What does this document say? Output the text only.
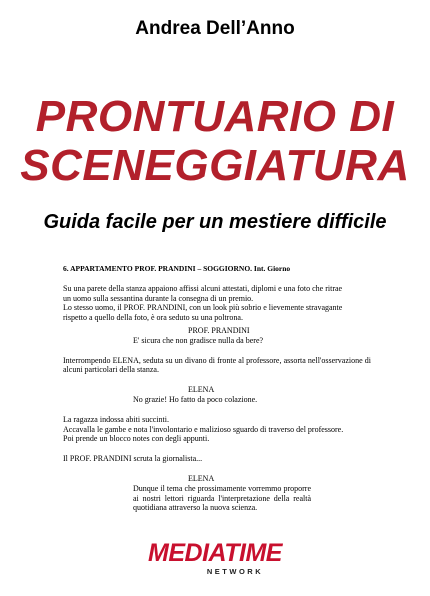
Andrea Dell’Anno
PRONTUARIO DI
SCENEGGIATURA
Guida facile per un mestiere difficile

6. APPARTAMENTO PROF. PRANDINI – SOGGIORNO. Int. Giorno

Su una parete della stanza appaiono affissi alcuni attestati, diplomi e una foto che ritrae

un uomo sulla sessantina durante la consegna di un premio.

Lo stesso uomo, il PROF. PRANDINI, con un look più sobrio e lievemente stravagante

rispetto a quello della foto, è ora seduto su una poltrona.

PROF. PRANDINI

E' sicura che non gradisce nulla da bere?

Interrompendo ELENA, seduta su un divano di fronte al professore, assorta nell'osservazione di alcuni particolari della stanza.

ELENA

No grazie! Ho fatto da poco colazione.

La ragazza indossa abiti succinti.

Accavalla le gambe e nota l'involontario e malizioso sguardo di traverso del professore.

Poi prende un blocco notes con degli appunti.

Il PROF. PRANDINI scruta la giornalista...

ELENA

Dunque il tema che prossimamente vorremmo proporre ai nostri lettori riguarda l'interpretazione della realtà quotidiana attraverso la nuova scienza.

MEDIATIME
NETWORK
